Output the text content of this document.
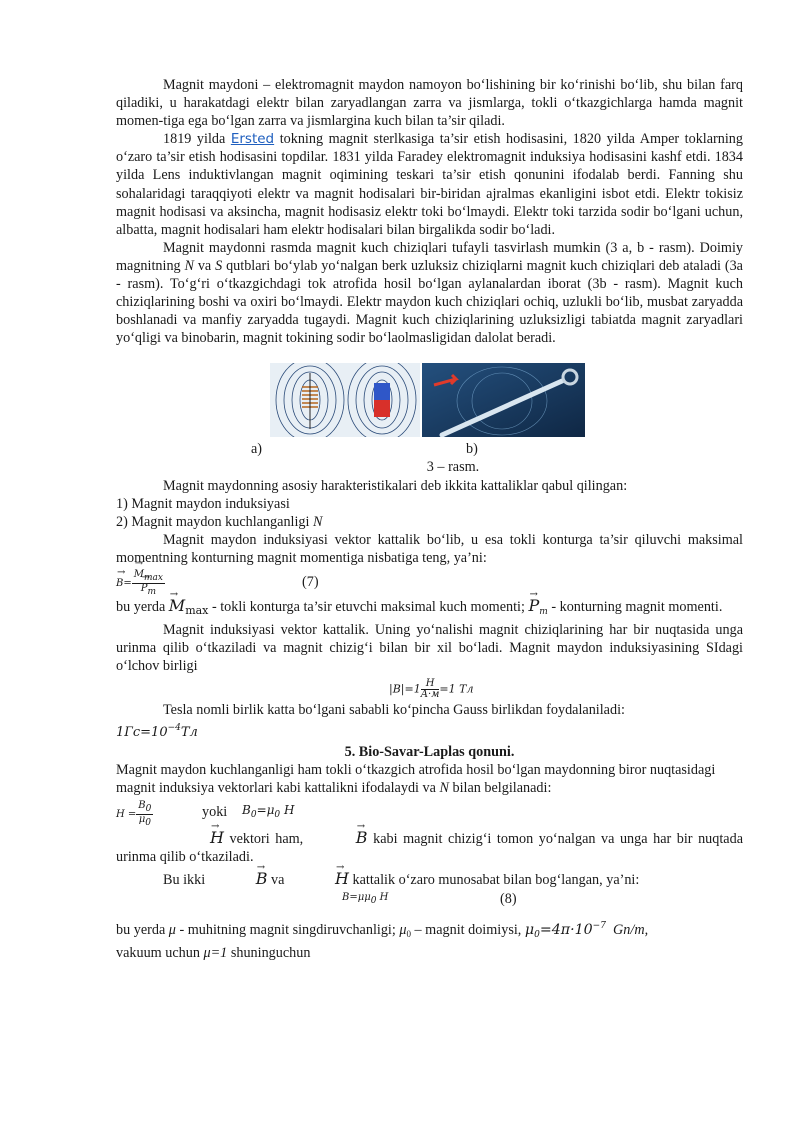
Magnit maydoni – elektromagnit maydon namoyon bo‘lishining bir ko‘rinishi bo‘lib, shu bilan farq qiladiki, u harakatdagi elektr bilan zaryadlangan zarra va jismlarga, tokli o‘tkazgichlarga hamda magnit momen-tiga ega bo‘lgan zarra va jismlargina kuch bilan ta’sir qiladi.

1819 yilda Ersted tokning magnit sterlkasiga ta’sir etish hodisasini, 1820 yilda Amper toklarning o‘zaro ta’sir etish hodisasini topdilar. 1831 yilda Faradey elektromagnit induksiya hodisasini kashf etdi. 1834 yilda Lens induktivlangan magnit oqimining teskari ta’sir etish qonunini ifodalab berdi. Fanning shu sohalaridagi taraqqiyoti elektr va magnit hodisalari bir-biridan ajralmas ekanligini isbot etdi. Elektr tokisiz magnit hodisasi va aksincha, magnit hodisasiz elektr toki bo‘lmaydi. Elektr toki tarzida sodir bo‘lgani uchun, albatta, magnit hodisalari ham elektr hodisalari bilan birgalikda sodir bo‘ladi.

Magnit maydonni rasmda magnit kuch chiziqlari tufayli tasvirlash mumkin (3 a, b - rasm). Doimiy magnitning N va S qutblari bo‘ylab yo‘nalgan berk uzluksiz chiziqlarni magnit kuch chiziqlari deb ataladi (3a - rasm). To‘g‘ri o‘tkazgichdagi tok atrofida hosil bo‘lgan aylanalardan iborat (3b - rasm). Magnit kuch chiziqlarining boshi va oxiri bo‘lmaydi. Elektr maydon kuch chiziqlari ochiq, uzlukli bo‘lib, musbat zaryadda boshlanadi va manfiy zaryadda tugaydi. Magnit kuch chiziqlarining uzluksizligi tabiatda magnit zaryadlari yo‘qligi va binobarin, magnit tokining sodir bo‘laolmasligidan dalolat beradi.

a)	b)

3 – rasm.

Magnit maydonning asosiy harakteristikalari deb ikkita kattaliklar qabul qilingan:

1) Magnit maydon induksiyasi

2) Magnit maydon kuchlanganligi N

Magnit maydon induksiyasi vektor kattalik bo‘lib, u esa tokli konturga ta’sir qiluvchi maksimal momentning konturning magnit momentiga nisbatiga teng, ya’ni:

→ B= → Mmax
→ Pm	(7)

bu yerda → $M_{max}$ - tokli konturga ta’sir etuvchi maksimal kuch momenti; → $P_m$ - konturning magnit momenti.

Magnit induksiyasi vektor kattalik. Uning yo‘nalishi magnit chiziqlarining har bir nuqtasida unga urinma qilib o‘tkaziladi va magnit chizig‘i bilan bir xil bo‘ladi. Magnit maydon induksiyasining SIdagi o‘lchov birligi

$|B|=1 \frac{H}{A\cdot м} =1$ Тл

Tesla nomli birlik katta bo‘lgani sababli ko‘pincha Gauss birlikdan foydalaniladi:

$1Гс=10^{-4}Тл$

5. Bio-Savar-Laplas qonuni.

Magnit maydon kuchlanganligi ham tokli o‘tkazgich atrofida hosil bo‘lgan maydonning biror nuqtasidagi magnit induksiya vektorlari kabi kattalikni ifodalaydi va N bilan belgilanadi:

$H = \frac{B0}{\mu 0}$	yoki $B_0=\mu_0$ H

→ H vektori ham,	→ B kabi magnit chizig‘i tomon yo‘nalgan va unga har bir nuqtada urinma qilib o‘tkaziladi.

Bu ikki	→ B va	→ H kattalik o‘zaro munosabat bilan bog‘langan, ya’ni:

B=μμ0 H	(8)

bu yerda μ - muhitning magnit singdiruvchanligi; $\mu_0$ – magnit doimiysi, $\mu_0=4\pi\cdot 10^{-7}$ Gn/m,

vakuum uchun μ=1 shuninguchun
